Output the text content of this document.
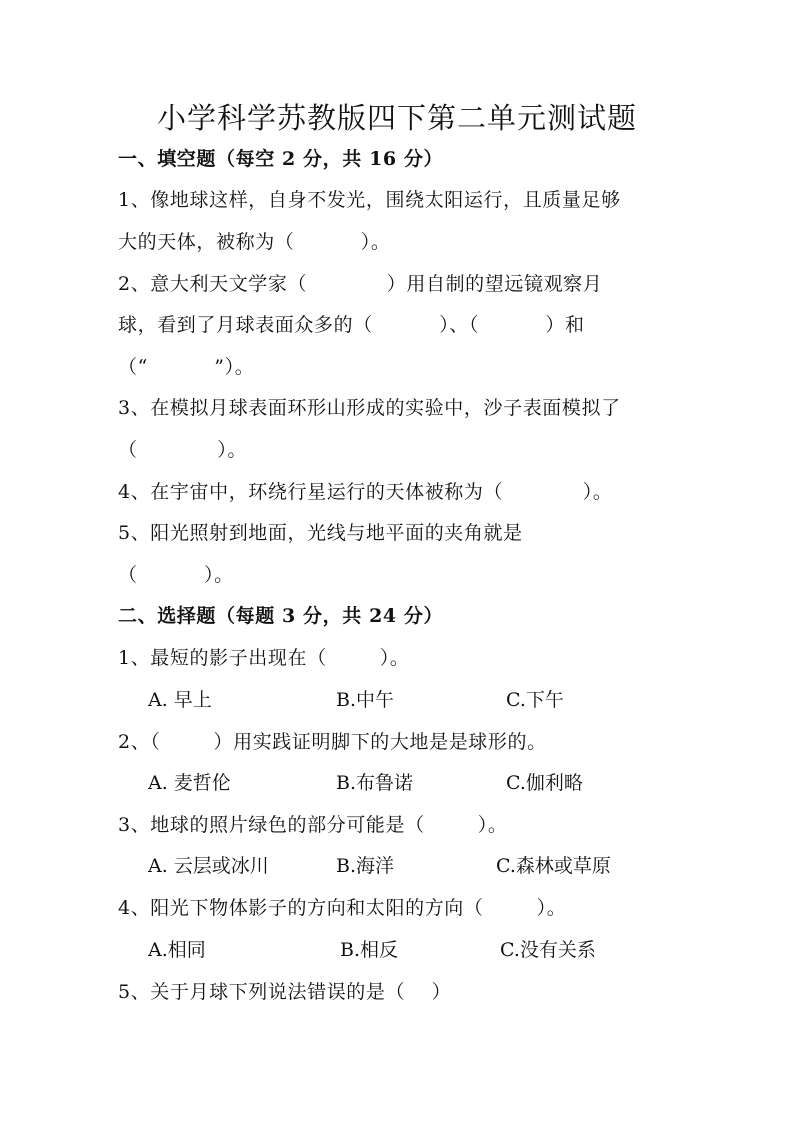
小学科学苏教版四下第二单元测试题
一、填空题（每空 2 分，共 16 分）
1、像地球这样，自身不发光，围绕太阳运行，且质量足够
大的天体，被称为（          ）。
2、意大利天文学家（            ）用自制的望远镜观察月
球，看到了月球表面众多的（          ）、（          ）和
（“          ”）。
3、在模拟月球表面环形山形成的实验中，沙子表面模拟了
（            ）。
4、在宇宙中，环绕行星运行的天体被称为（            ）。
5、阳光照射到地面，光线与地平面的夹角就是
（          ）。
二、选择题（每题 3 分，共 24 分）
1、最短的影子出现在（        ）。
A. 早上	B.中午	C.下午
2、（        ）用实践证明脚下的大地是是球形的。
A. 麦哲伦	B.布鲁诺	C.伽利略
3、地球的照片绿色的部分可能是（        ）。
A. 云层或冰川	B.海洋	C.森林或草原
4、阳光下物体影子的方向和太阳的方向（        ）。
A.相同	B.相反	C.没有关系
5、关于月球下列说法错误的是（    ）
